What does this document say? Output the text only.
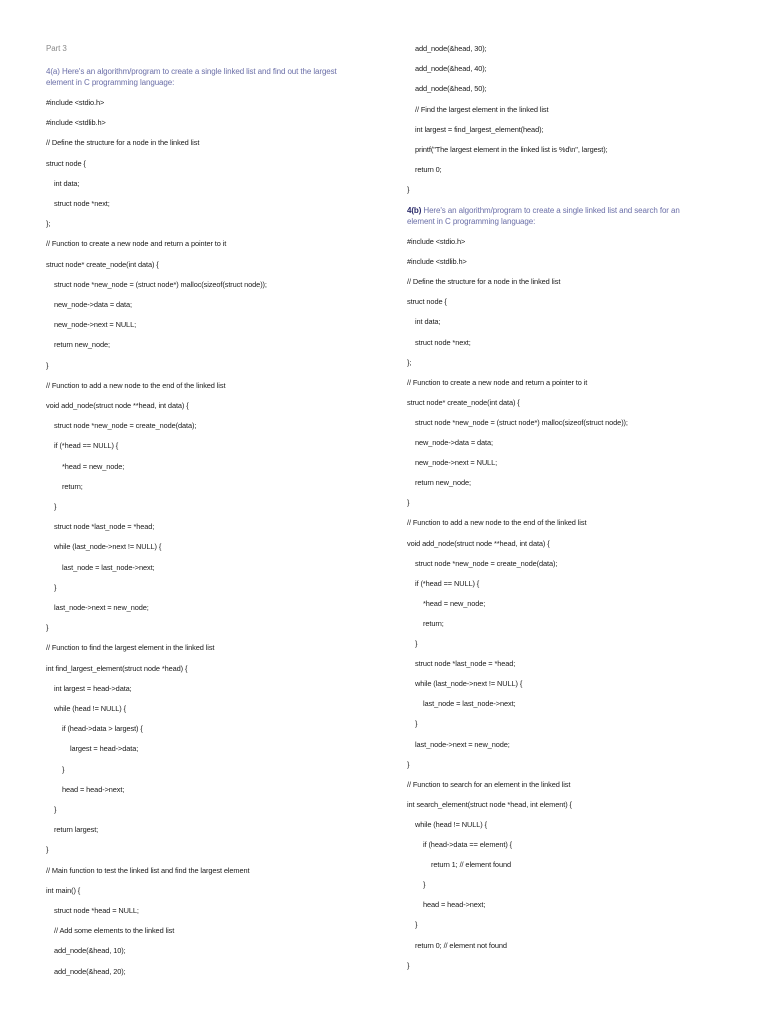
Part 3
4(a) Here's an algorithm/program to create a single linked list and find out the largest element in C programming language:
#include <stdio.h>
#include <stdlib.h>
// Define the structure for a node in the linked list
struct node {
int data;
struct node *next;
};
// Function to create a new node and return a pointer to it
struct node* create_node(int data) {
struct node *new_node = (struct node*) malloc(sizeof(struct node));
new_node->data = data;
new_node->next = NULL;
return new_node;
}
// Function to add a new node to the end of the linked list
void add_node(struct node **head, int data) {
struct node *new_node = create_node(data);
if (*head == NULL) {
*head = new_node;
return;
}
struct node *last_node = *head;
while (last_node->next != NULL) {
last_node = last_node->next;
}
last_node->next = new_node;
}
// Function to find the largest element in the linked list
int find_largest_element(struct node *head) {
int largest = head->data;
while (head != NULL) {
if (head->data > largest) {
largest = head->data;
}
head = head->next;
}
return largest;
}
// Main function to test the linked list and find the largest element
int main() {
struct node *head = NULL;
// Add some elements to the linked list
add_node(&head, 10);
add_node(&head, 20);
add_node(&head, 30);
add_node(&head, 40);
add_node(&head, 50);
// Find the largest element in the linked list
int largest = find_largest_element(head);
printf("The largest element in the linked list is %d\n", largest);
return 0;
}
4(b) Here's an algorithm/program to create a single linked list and search for an element in C programming language:
#include <stdio.h>
#include <stdlib.h>
// Define the structure for a node in the linked list
struct node {
int data;
struct node *next;
};
// Function to create a new node and return a pointer to it
struct node* create_node(int data) {
struct node *new_node = (struct node*) malloc(sizeof(struct node));
new_node->data = data;
new_node->next = NULL;
return new_node;
}
// Function to add a new node to the end of the linked list
void add_node(struct node **head, int data) {
struct node *new_node = create_node(data);
if (*head == NULL) {
*head = new_node;
return;
}
struct node *last_node = *head;
while (last_node->next != NULL) {
last_node = last_node->next;
}
last_node->next = new_node;
}
// Function to search for an element in the linked list
int search_element(struct node *head, int element) {
while (head != NULL) {
if (head->data == element) {
return 1; // element found
}
head = head->next;
}
return 0; // element not found
}
